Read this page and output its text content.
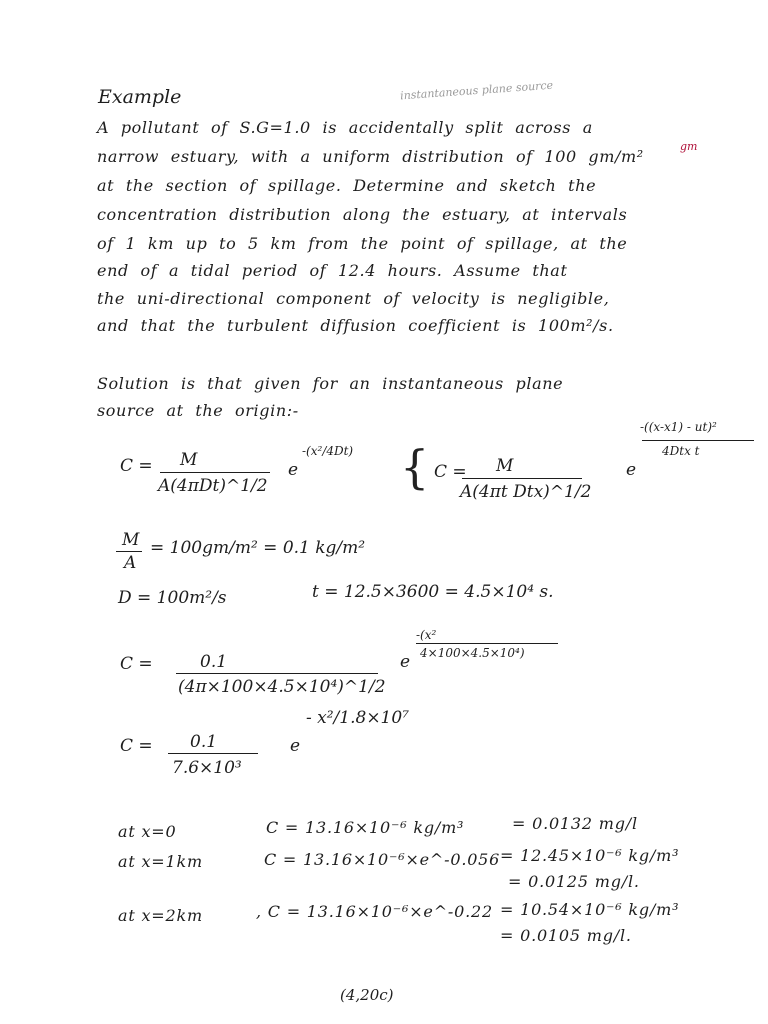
Example	instantaneous plane source
gm
A pollutant of S.G=1.0 is accidentally split across a
narrow estuary, with a uniform distribution of 100 gm/m²
at the section of spillage. Determine and sketch the
concentration distribution along the estuary, at intervals
of 1 km up to 5 km from the point of spillage, at the
end of a tidal period of 12.4 hours. Assume that
the uni-directional component of velocity is negligible,
and that the turbulent diffusion coefficient is 100m²/s.
Solution is that given for an instantaneous plane
source at the origin:-
C = M
A(4πDt)^1/2
e
-(x²/4Dt) { C = M
A(4πt Dtx)^1/2
e
-((x-x1) - ut)²
4Dtx t
M
A
= 100gm/m² = 0.1 kg/m²
D = 100m²/s	t = 12.5×3600 = 4.5×10⁴ s.
C =	0.1
(4π×100×4.5×10⁴)^1/2
e
-(x²
4×100×4.5×10⁴)
C = 0.1
7.6×10³
e
- x²/1.8×10⁷
at x=0	C = 13.16×10⁻⁶ kg/m³	= 0.0132 mg/l
at x=1km	C = 13.16×10⁻⁶×e^-0.056 = 12.45×10⁻⁶ kg/m³
= 0.0125 mg/l.
at x=2km	, C = 13.16×10⁻⁶×e^-0.22 = 10.54×10⁻⁶ kg/m³
= 0.0105 mg/l.
(4,20c)
